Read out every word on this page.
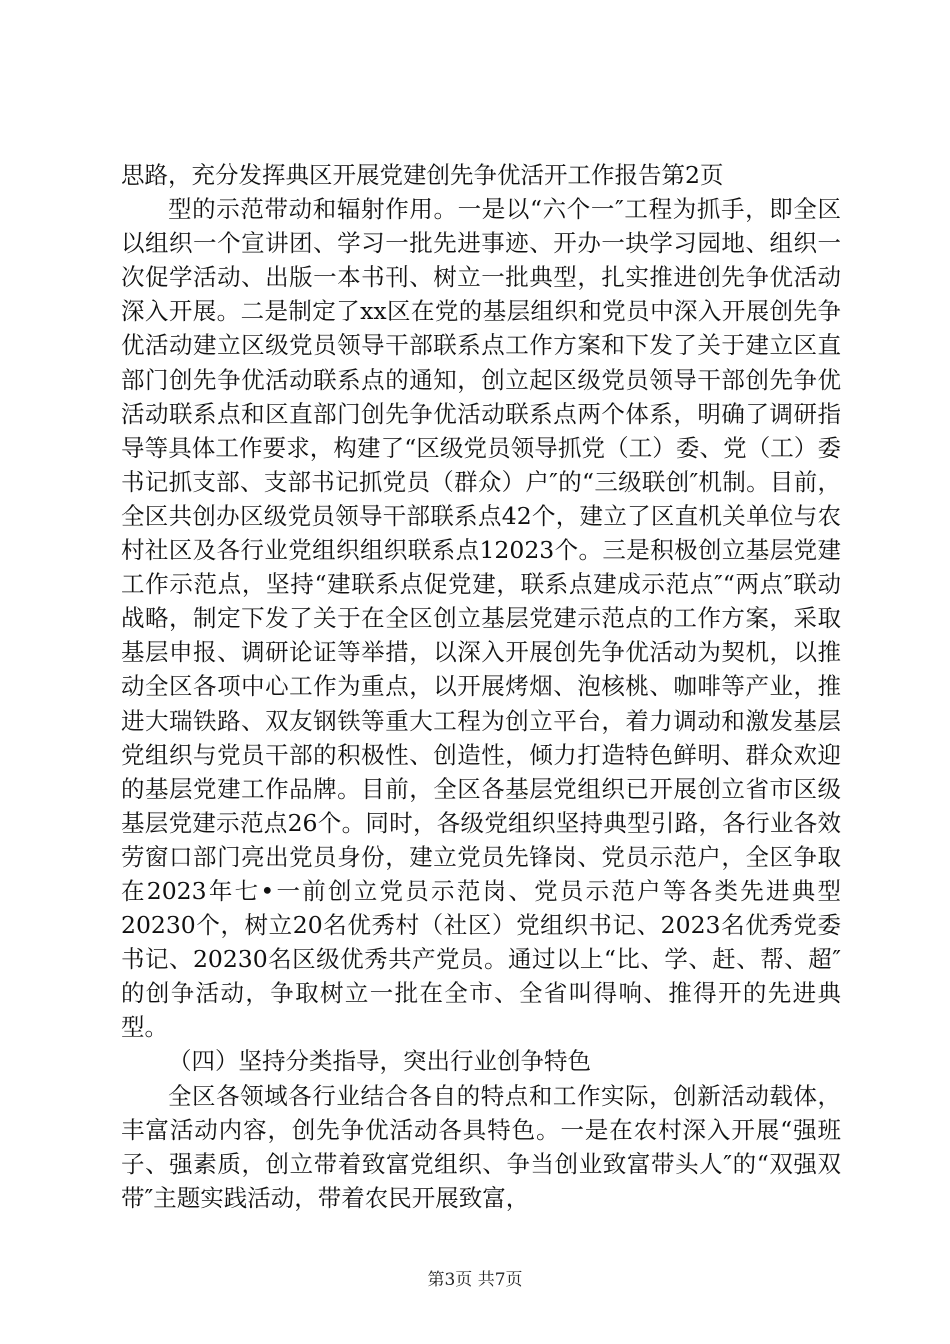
思路，充分发挥典区开展党建创先争优活开工作报告第2页

型的示范带动和辐射作用。一是以“六个一″工程为抓手，即全区以组织一个宣讲团、学习一批先进事迹、开办一块学习园地、组织一次促学活动、出版一本书刊、树立一批典型，扎实推进创先争优活动深入开展。二是制定了xx区在党的基层组织和党员中深入开展创先争优活动建立区级党员领导干部联系点工作方案和下发了关于建立区直部门创先争优活动联系点的通知，创立起区级党员领导干部创先争优活动联系点和区直部门创先争优活动联系点两个体系，明确了调研指导等具体工作要求，构建了“区级党员领导抓党（工）委、党（工）委书记抓支部、支部书记抓党员（群众）户″的“三级联创″机制。目前，全区共创办区级党员领导干部联系点42个，建立了区直机关单位与农村社区及各行业党组织组织联系点12023个。三是积极创立基层党建工作示范点，坚持“建联系点促党建，联系点建成示范点″“两点″联动战略，制定下发了关于在全区创立基层党建示范点的工作方案，采取基层申报、调研论证等举措，以深入开展创先争优活动为契机，以推动全区各项中心工作为重点，以开展烤烟、泡核桃、咖啡等产业，推进大瑞铁路、双友钢铁等重大工程为创立平台，着力调动和激发基层党组织与党员干部的积极性、创造性，倾力打造特色鲜明、群众欢迎的基层党建工作品牌。目前，全区各基层党组织已开展创立省市区级基层党建示范点26个。同时，各级党组织坚持典型引路，各行业各效劳窗口部门亮出党员身份，建立党员先锋岗、党员示范户，全区争取在2023年七•一前创立党员示范岗、党员示范户等各类先进典型20230个，树立20名优秀村（社区）党组织书记、2023名优秀党委书记、20230名区级优秀共产党员。通过以上“比、学、赶、帮、超″的创争活动，争取树立一批在全市、全省叫得响、推得开的先进典型。

（四）坚持分类指导，突出行业创争特色

全区各领域各行业结合各自的特点和工作实际，创新活动载体，丰富活动内容，创先争优活动各具特色。一是在农村深入开展“强班子、强素质，创立带着致富党组织、争当创业致富带头人″的“双强双带″主题实践活动，带着农民开展致富，

第3页 共7页
